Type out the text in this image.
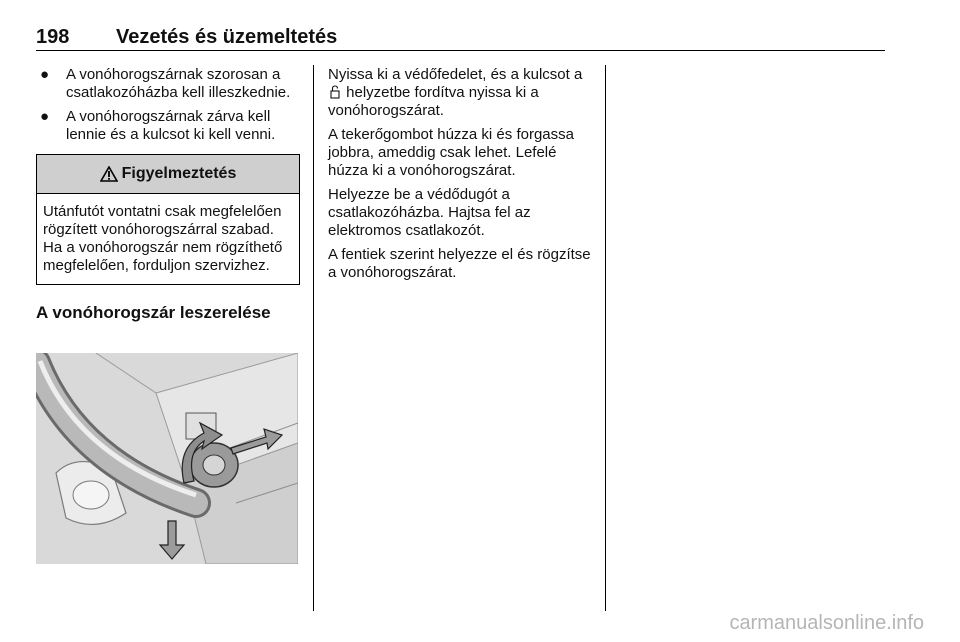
198 Vezetés és üzemeltetés
● A vonóhorogszárnak szorosan a csatlakozóházba kell illeszkednie.
● A vonóhorogszárnak zárva kell lennie és a kulcsot ki kell venni.
Figyelmeztetés
Utánfutót vontatni csak megfelelően rögzített vonóhorogszárral szabad. Ha a vonóhorogszár nem rögzíthető megfelelően, forduljon szervizhez.
A vonóhorogszár leszerelése

Nyissa ki a védőfedelet, és a kulcsot a  helyzetbe fordítva nyissa ki a vonóhorogszárat.

A tekerőgombot húzza ki és forgassa jobbra, ameddig csak lehet. Lefelé húzza ki a vonóhorogszárat.

Helyezze be a védődugót a csatlakozóházba. Hajtsa fel az elektromos csatlakozót.

A fentiek szerint helyezze el és rögzítse a vonóhorogszárat.

carmanualsonline.info
